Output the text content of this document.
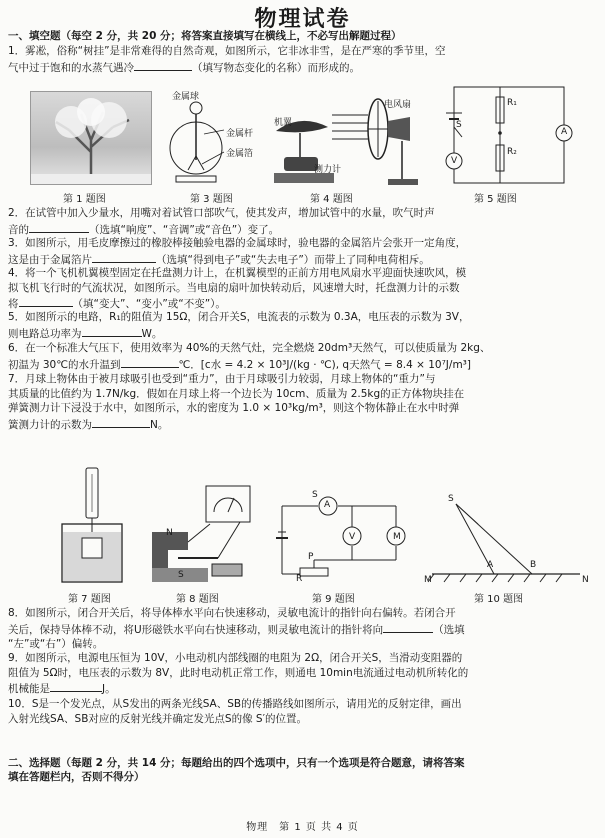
物理试卷
一、填空题（每空 2 分，共 20 分；将答案直接填写在横线上，不必写出解题过程）
1．雾凇，俗称“树挂”是非常难得的自然奇观，如图所示，它非冰非雪，是在严寒的季节里，空
气中过于饱和的水蒸气遇冷	（填写物态变化的名称）而形成的。
第 1 题图
金属球
金属杆
金属箔
第 3 题图
机翼
电风扇
测力计
第 4 题图
S
R₁
R₂
A
V
第 5 题图
2．在试管中加入少量水，用嘴对着试管口部吹气，使其发声，增加试管中的水量，吹气时声
音的	（选填“响度”、“音调”或“音色”）变了。
3．如图所示，用毛皮摩擦过的橡胶棒接触验电器的金属球时，验电器的金属箔片会张开一定角度，
这是由于金属箔片	（选填“得到电子”或“失去电子”）而带上了同种电荷相斥。
4．将一个飞机机翼模型固定在托盘测力计上，在机翼模型的正前方用电风扇水平迎面快速吹风，模
拟飞机飞行时的气流状况，如图所示。当电扇的扇叶加快转动后，风速增大时，托盘测力计的示数
将	（填“变大”、“变小”或“不变”）。
5．如图所示的电路，R₁的阻值为 15Ω，闭合开关S，电流表的示数为 0.3A，电压表的示数为 3V，
则电路总功率为	W。
6．在一个标准大气压下，使用效率为 40%的天然气灶，完全燃烧 20dm³天然气，可以使质量为 2kg、
初温为 30℃的水升温到	℃．[c水 = 4.2 × 10³J/(kg · ℃), q天然气 = 8.4 × 10⁷J/m³]
7．月球上物体由于被月球吸引也受到“重力”，由于月球吸引力较弱，月球上物体的“重力”与
其质量的比值约为 1.7N/kg．假如在月球上将一个边长为 10cm、质量为 2.5kg的正方体物块挂在
弹簧测力计下浸没于水中，如图所示，水的密度为 1.0 × 10³kg/m³，则这个物体静止在水中时弹
簧测力计的示数为	N。
第 7 题图
N
S
第 8 题图
S
A
V	M
P
R
第 9 题图
S
A	B
M	N
第 10 题图
8．如图所示，闭合开关后，将导体棒水平向右快速移动，灵敏电流计的指针向右偏转。若闭合开
关后，保持导体棒不动，将U形磁铁水平向右快速移动，则灵敏电流计的指针将向	（选填
“左”或“右”）偏转。
9．如图所示，电源电压恒为 10V，小电动机内部线圈的电阻为 2Ω，闭合开关S，当滑动变阻器的
阻值为 5Ω时，电压表的示数为 8V，此时电动机正常工作，则通电 10min电流通过电动机所转化的
机械能是	J。
10．S是一个发光点，从S发出的两条光线SA、SB的传播路线如图所示，请用光的反射定律，画出
入射光线SA、SB对应的反射光线并确定发光点S的像 S′的位置。
二、选择题（每题 2 分，共 14 分；每题给出的四个选项中，只有一个选项是符合题意，请将答案
填在答题栏内，否则不得分）
物理　第 1 页 共 4 页
